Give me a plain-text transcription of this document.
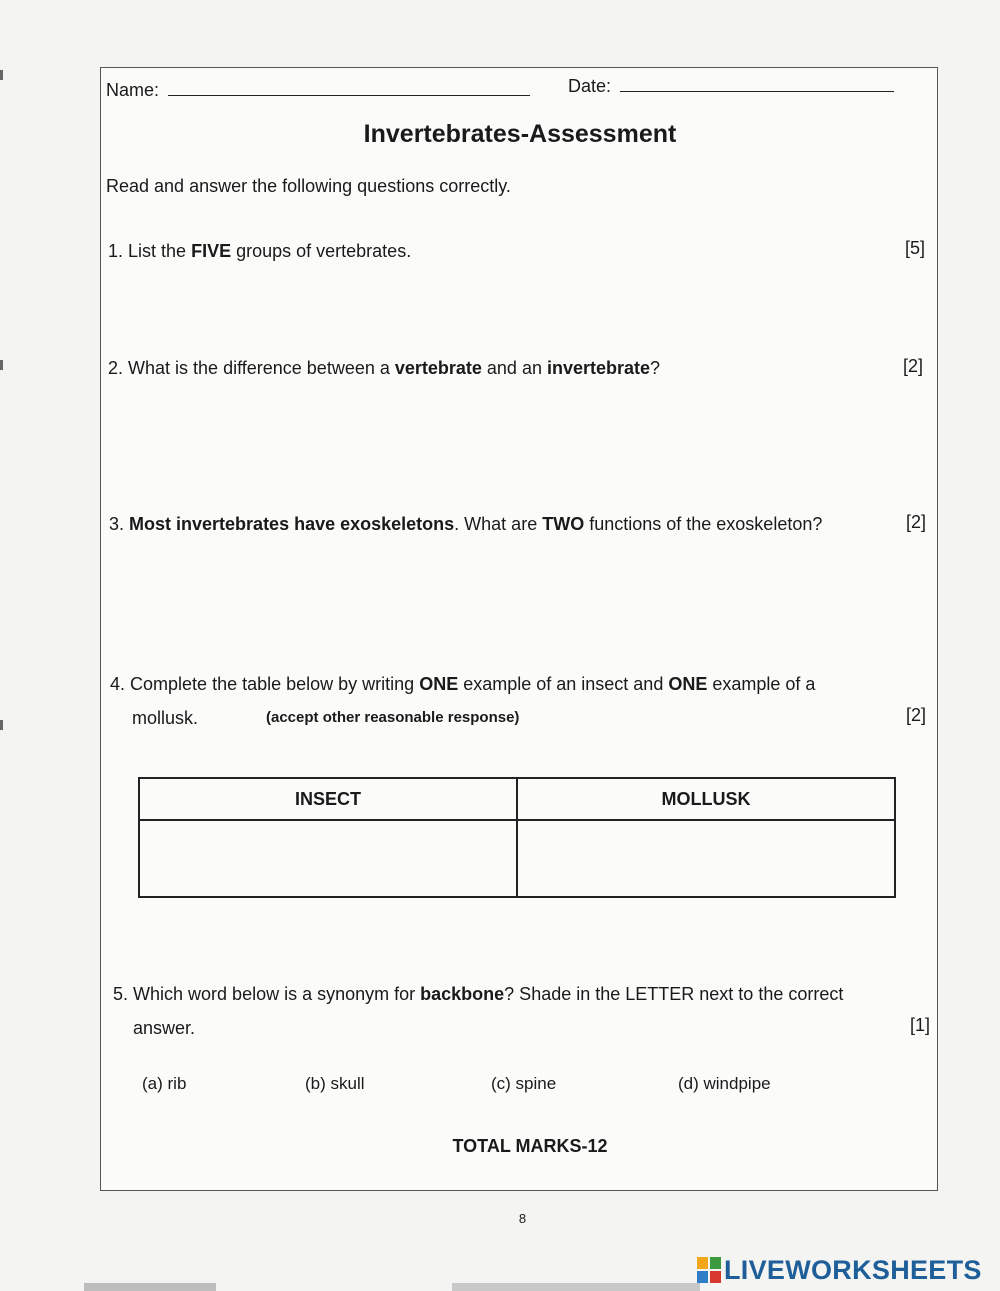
Name:	Date:
Invertebrates-Assessment
Read and answer the following questions correctly.
1. List the FIVE groups of vertebrates.	[5]
2. What is the difference between a vertebrate and an invertebrate?	[2]
3. Most invertebrates have exoskeletons. What are TWO functions of the exoskeleton?	[2]
4. Complete the table below by writing ONE example of an insect and ONE example of a
mollusk.	(accept other reasonable response)	[2]
INSECT	MOLLUSK

5. Which word below is a synonym for backbone? Shade in the LETTER next to the correct
answer.	[1]
(a) rib	(b) skull	(c) spine	(d) windpipe
TOTAL MARKS-12
8
LIVEWORKSHEETS
